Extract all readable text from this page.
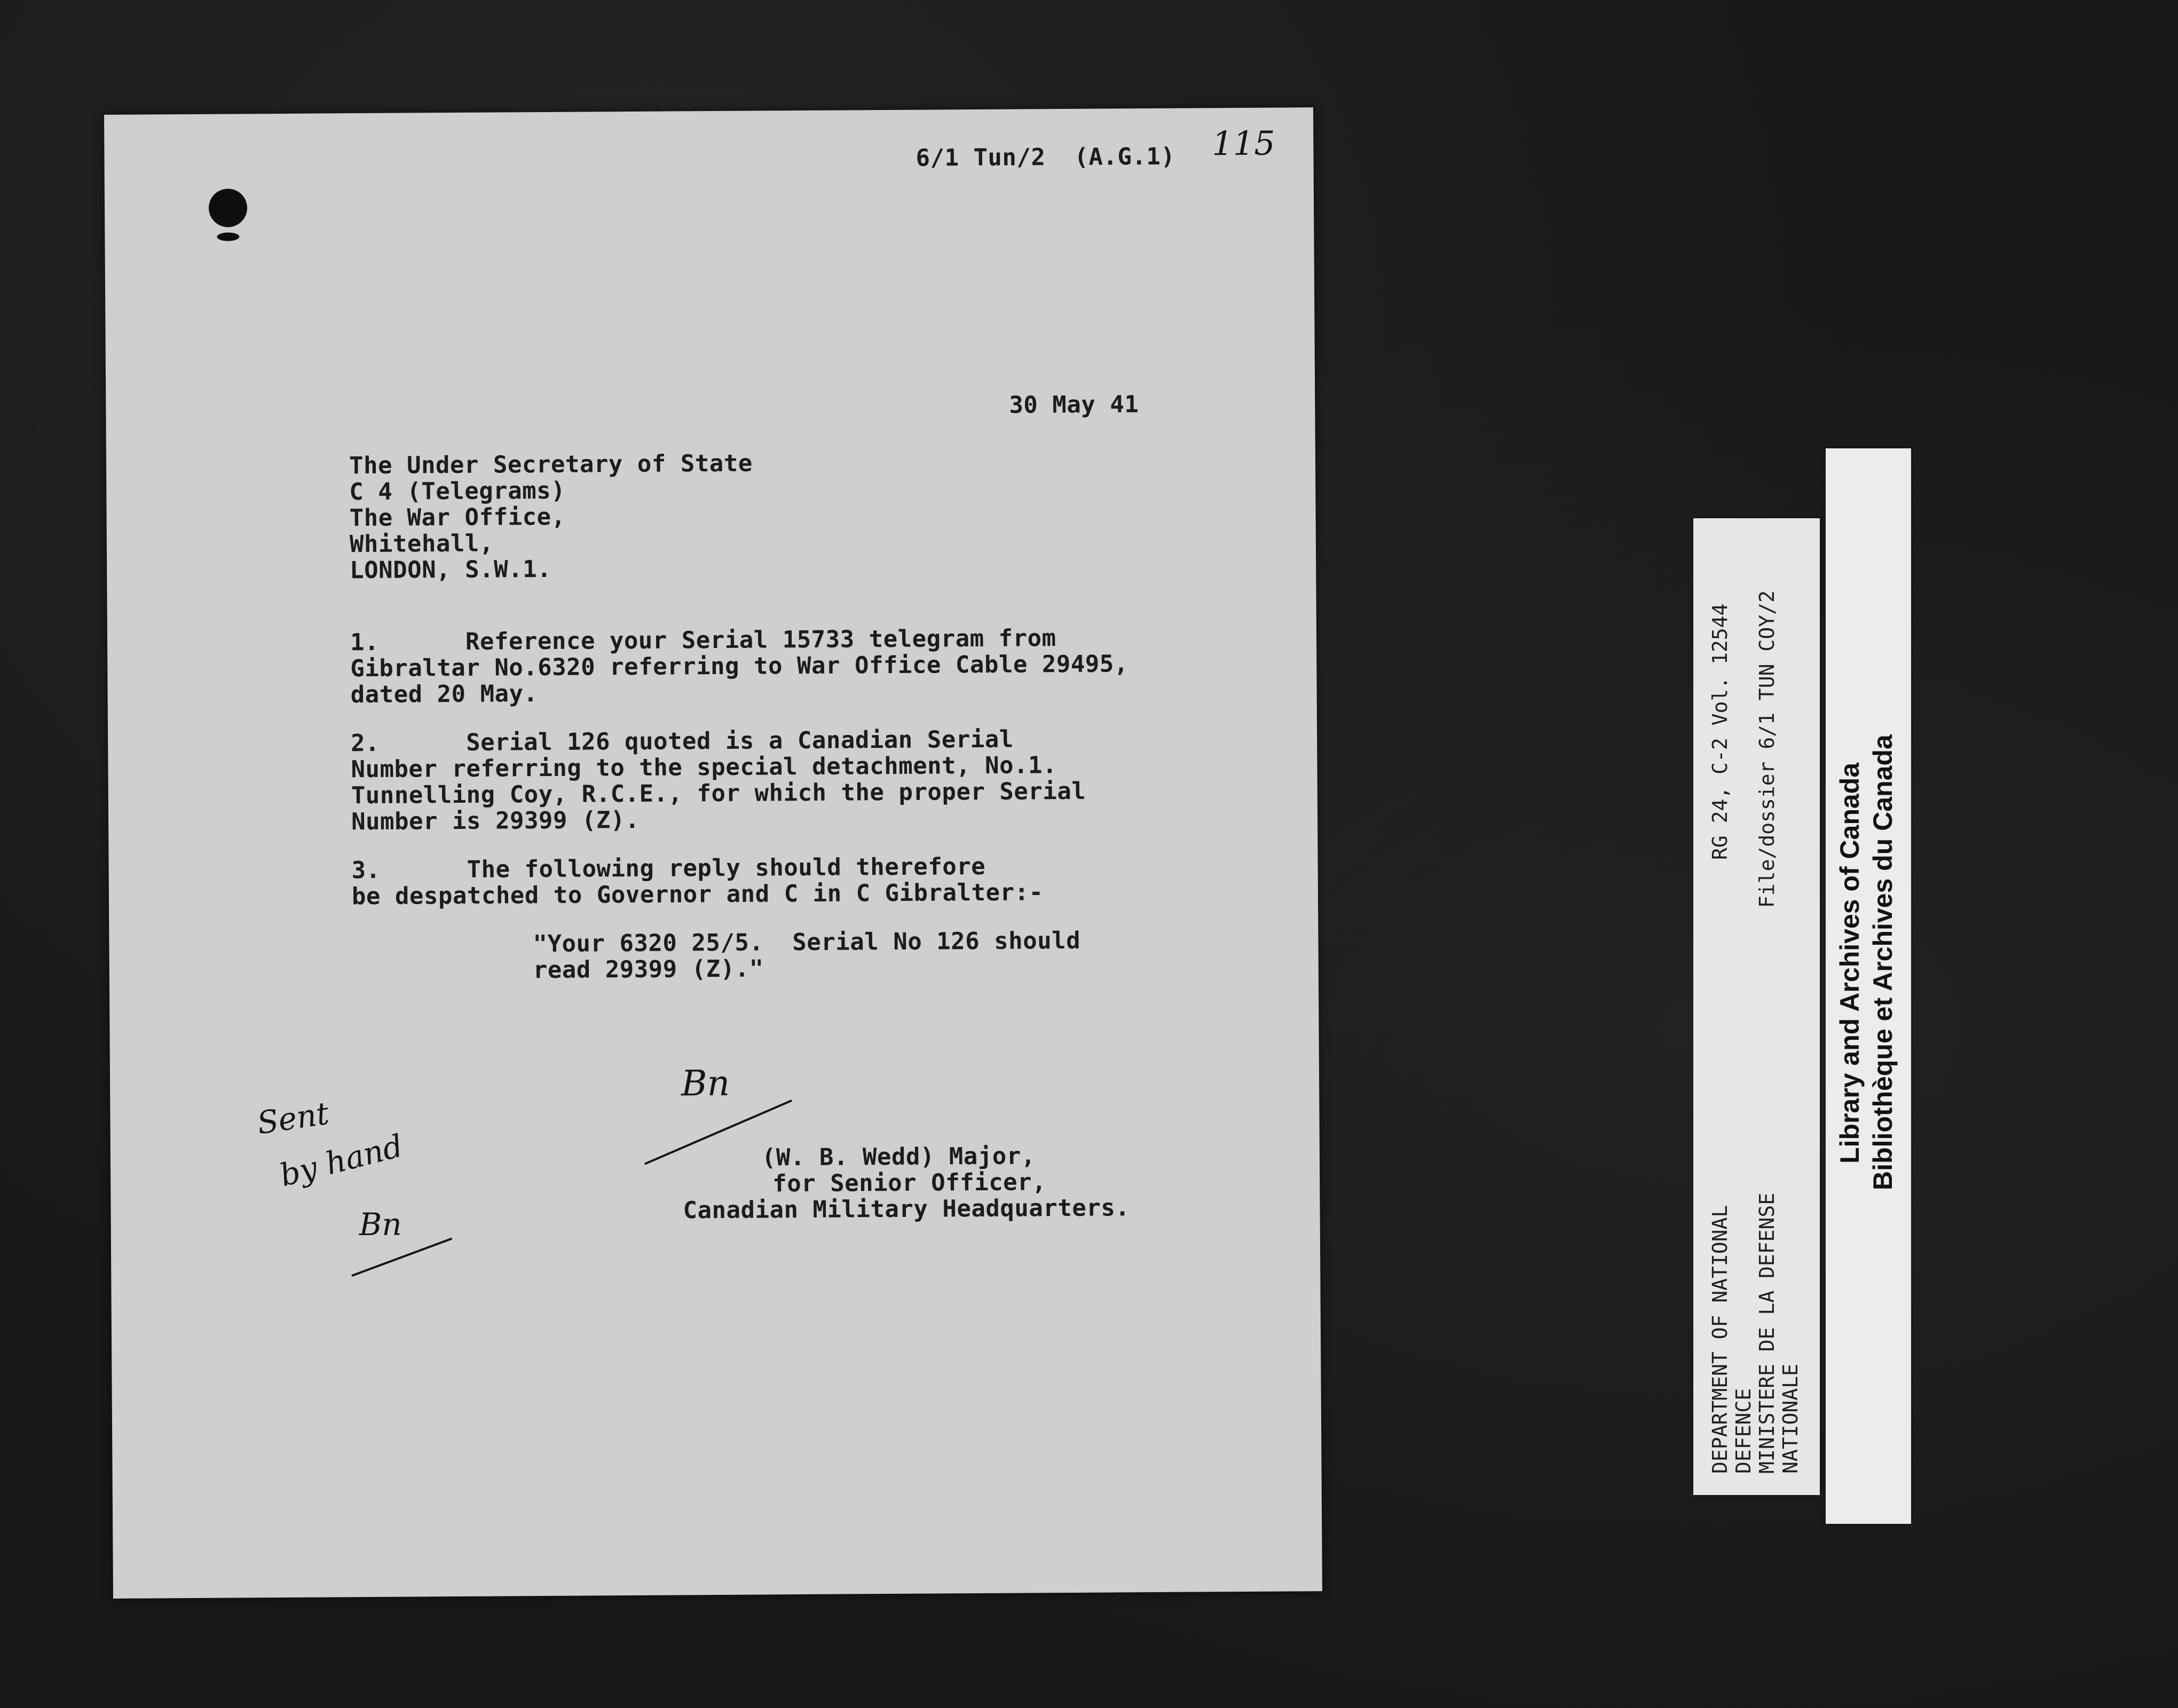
6/1 Tun/2  (A.G.1) 115
30 May 41
The Under Secretary of State
C 4 (Telegrams)
The War Office,
Whitehall,
LONDON, S.W.1.
1.      Reference your Serial 15733 telegram from
Gibraltar No.6320 referring to War Office Cable 29495,
dated 20 May.
2.      Serial 126 quoted is a Canadian Serial
Number referring to the special detachment, No.1.
Tunnelling Coy, R.C.E., for which the proper Serial
Number is 29399 (Z).
3.      The following reply should therefore
be despatched to Governor and C in C Gibralter:-
"Your 6320 25/5.  Serial No 126 should
read 29399 (Z)."
Bn
(W. B. Wedd) Major,
for Senior Officer,
Canadian Military Headquarters.
Sent
by hand
Bn	DEPARTMENT OF NATIONAL DEFENCE MINISTERE DE LA DEFENSE NATIONALE
RG 24, C-2 Vol. 12544 File/dossier 6/1 TUN COY/2
Library and Archives of Canada Bibliothèque et Archives du Canada
